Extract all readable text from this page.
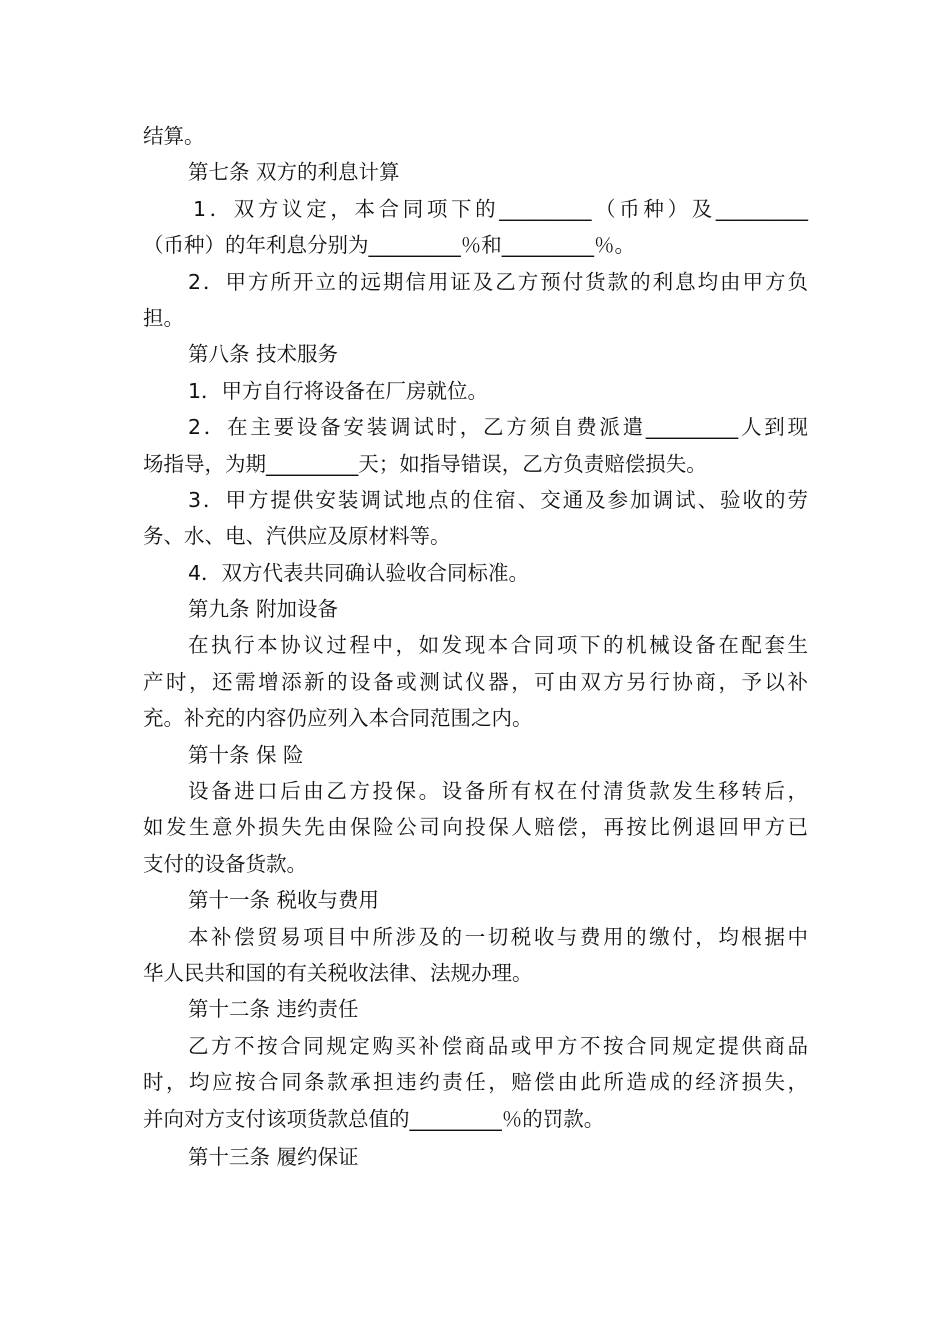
结算。
第七条 双方的利息计算
1．双方议定，本合同项下的_________（币种）及_________
（币种）的年利息分别为_________％和_________％。
2．甲方所开立的远期信用证及乙方预付货款的利息均由甲方负
担。
第八条 技术服务
1．甲方自行将设备在厂房就位。
2．在主要设备安装调试时，乙方须自费派遣_________人到现
场指导，为期_________天；如指导错误，乙方负责赔偿损失。
3．甲方提供安装调试地点的住宿、交通及参加调试、验收的劳
务、水、电、汽供应及原材料等。
4．双方代表共同确认验收合同标准。
第九条 附加设备
在执行本协议过程中，如发现本合同项下的机械设备在配套生
产时，还需增添新的设备或测试仪器，可由双方另行协商，予以补
充。补充的内容仍应列入本合同范围之内。
第十条 保 险
设备进口后由乙方投保。设备所有权在付清货款发生移转后，
如发生意外损失先由保险公司向投保人赔偿，再按比例退回甲方已
支付的设备货款。
第十一条 税收与费用
本补偿贸易项目中所涉及的一切税收与费用的缴付，均根据中
华人民共和国的有关税收法律、法规办理。
第十二条 违约责任
乙方不按合同规定购买补偿商品或甲方不按合同规定提供商品
时，均应按合同条款承担违约责任，赔偿由此所造成的经济损失，
并向对方支付该项货款总值的_________％的罚款。
第十三条 履约保证
